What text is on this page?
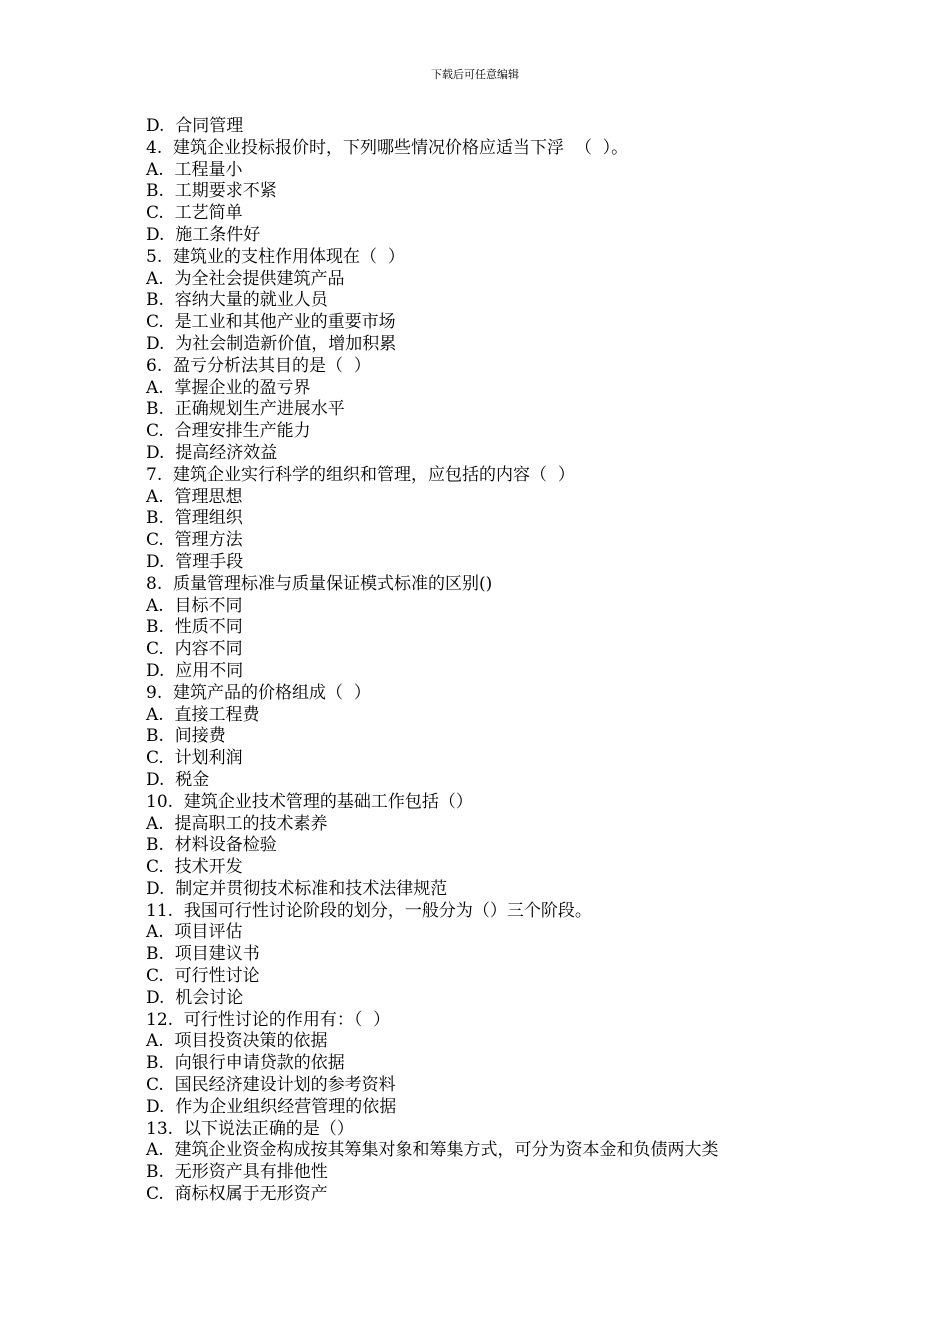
下载后可任意编辑
D.  合同管理
4.  建筑企业投标报价时，下列哪些情况价格应适当下浮  （  ）。
A.  工程量小
B.  工期要求不紧
C.  工艺简单
D.  施工条件好
5.  建筑业的支柱作用体现在（  ）
A.  为全社会提供建筑产品
B.  容纳大量的就业人员
C.  是工业和其他产业的重要市场
D.  为社会制造新价值，增加积累
6.  盈亏分析法其目的是（  ）
A.  掌握企业的盈亏界
B.  正确规划生产进展水平
C.  合理安排生产能力
D.  提高经济效益
7.  建筑企业实行科学的组织和管理，应包括的内容（  ）
A.  管理思想
B.  管理组织
C.  管理方法
D.  管理手段
8.  质量管理标准与质量保证模式标准的区别()
A.  目标不同
B.  性质不同
C.  内容不同
D.  应用不同
9.  建筑产品的价格组成（  ）
A.  直接工程费
B.  间接费
C.  计划利润
D.  税金
10.  建筑企业技术管理的基础工作包括（）
A.  提高职工的技术素养
B.  材料设备检验
C.  技术开发
D.  制定并贯彻技术标准和技术法律规范
11.  我国可行性讨论阶段的划分，一般分为（）三个阶段。
A.  项目评估
B.  项目建议书
C.  可行性讨论
D.  机会讨论
12.  可行性讨论的作用有：（  ）
A.  项目投资决策的依据
B.  向银行申请贷款的依据
C.  国民经济建设计划的参考资料
D.  作为企业组织经营管理的依据
13.  以下说法正确的是（）
A.  建筑企业资金构成按其筹集对象和筹集方式，可分为资本金和负债两大类
B.  无形资产具有排他性
C.  商标权属于无形资产
